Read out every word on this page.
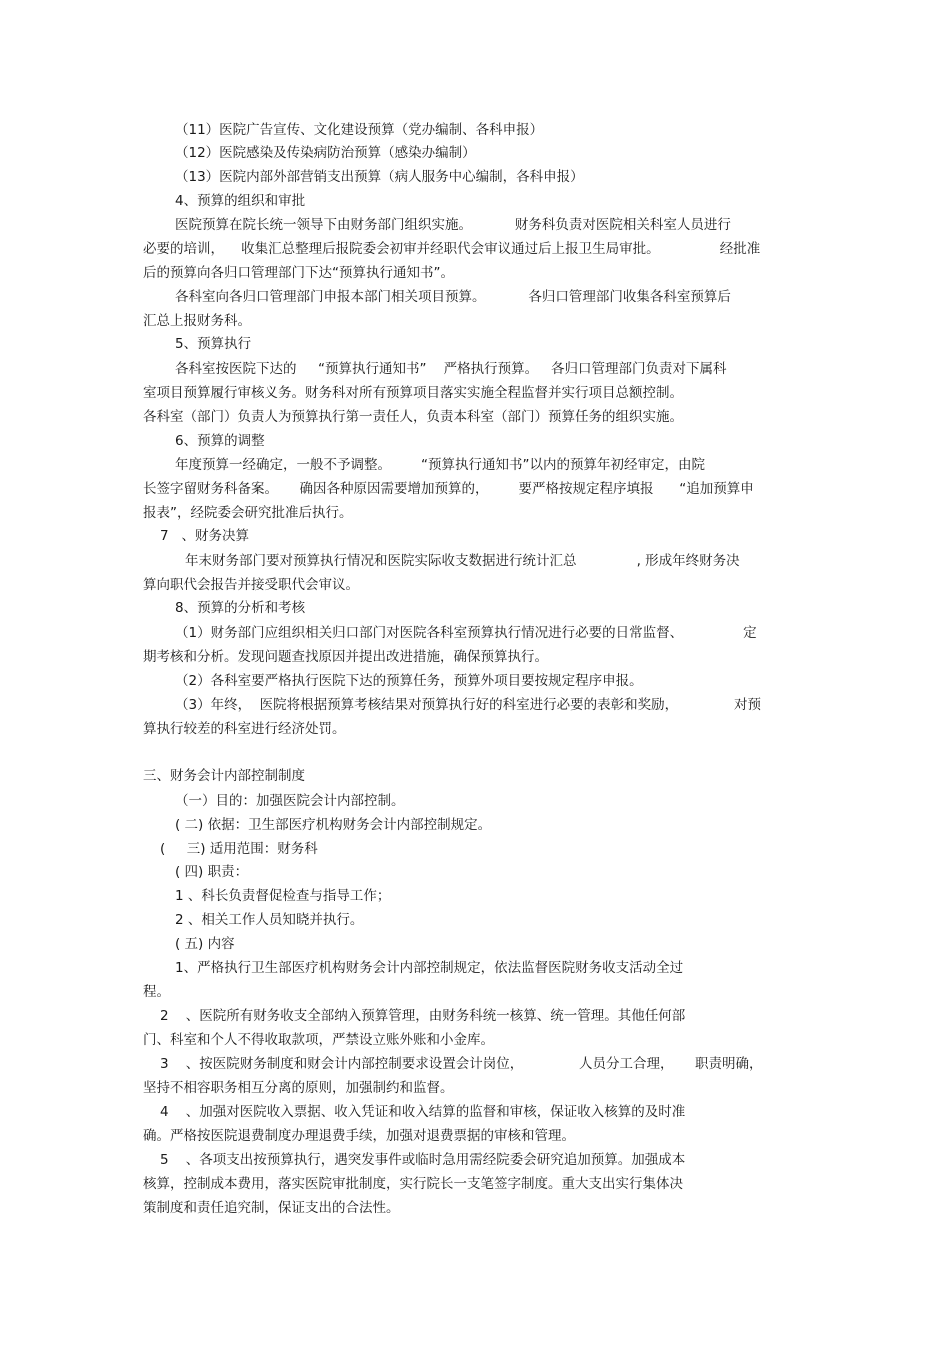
（11）医院广告宣传、文化建设预算（党办编制、各科申报）
（12）医院感染及传染病防治预算（感染办编制）
（13）医院内部外部营销支出预算（病人服务中心编制，各科申报）
4、预算的组织和审批
医院预算在院长统一领导下由财务部门组织实施。          财务科负责对医院相关科室人员进行
必要的培训，    收集汇总整理后报院委会初审并经职代会审议通过后上报卫生局审批。              经批准
后的预算向各归口管理部门下达“预算执行通知书”。
各科室向各归口管理部门申报本部门相关项目预算。          各归口管理部门收集各科室预算后
汇总上报财务科。
5、预算执行
各科室按医院下达的     “预算执行通知书”    严格执行预算。   各归口管理部门负责对下属科
室项目预算履行审核义务。财务科对所有预算项目落实实施全程监督并实行项目总额控制。
各科室（部门）负责人为预算执行第一责任人，负责本科室（部门）预算任务的组织实施。
6、预算的调整
年度预算一经确定，一般不予调整。       “预算执行通知书”以内的预算年初经审定，由院
长签字留财务科备案。     确因各种原因需要增加预算的，       要严格按规定程序填报      “追加预算申
报表”，经院委会研究批准后执行。
7   、财务决算
年末财务部门要对预算执行情况和医院实际收支数据进行统计汇总              , 形成年终财务决
算向职代会报告并接受职代会审议。
8、预算的分析和考核
（1）财务部门应组织相关归口部门对医院各科室预算执行情况进行必要的日常监督、              定
期考核和分析。发现问题查找原因并提出改进措施，确保预算执行。
（2）各科室要严格执行医院下达的预算任务，预算外项目要按规定程序申报。
（3）年终，  医院将根据预算考核结果对预算执行好的科室进行必要的表彰和奖励，             对预
算执行较差的科室进行经济处罚。
三、财务会计内部控制制度
（一）目的：加强医院会计内部控制。
( 二) 依据：卫生部医疗机构财务会计内部控制规定。
(     三) 适用范围：财务科
( 四) 职责：
1 、科长负责督促检查与指导工作；
2 、相关工作人员知晓并执行。
( 五) 内容
1、严格执行卫生部医疗机构财务会计内部控制规定，依法监督医院财务收支活动全过
程。
2    、医院所有财务收支全部纳入预算管理，由财务科统一核算、统一管理。其他任何部
门、科室和个人不得收取款项，严禁设立账外账和小金库。
3    、按医院财务制度和财会计内部控制要求设置会计岗位，             人员分工合理，     职责明确，
坚持不相容职务相互分离的原则，加强制约和监督。
4    、加强对医院收入票据、收入凭证和收入结算的监督和审核，保证收入核算的及时准
确。严格按医院退费制度办理退费手续，加强对退费票据的审核和管理。
5    、各项支出按预算执行，遇突发事件或临时急用需经院委会研究追加预算。加强成本
核算，控制成本费用，落实医院审批制度，实行院长一支笔签字制度。重大支出实行集体决
策制度和责任追究制，保证支出的合法性。
